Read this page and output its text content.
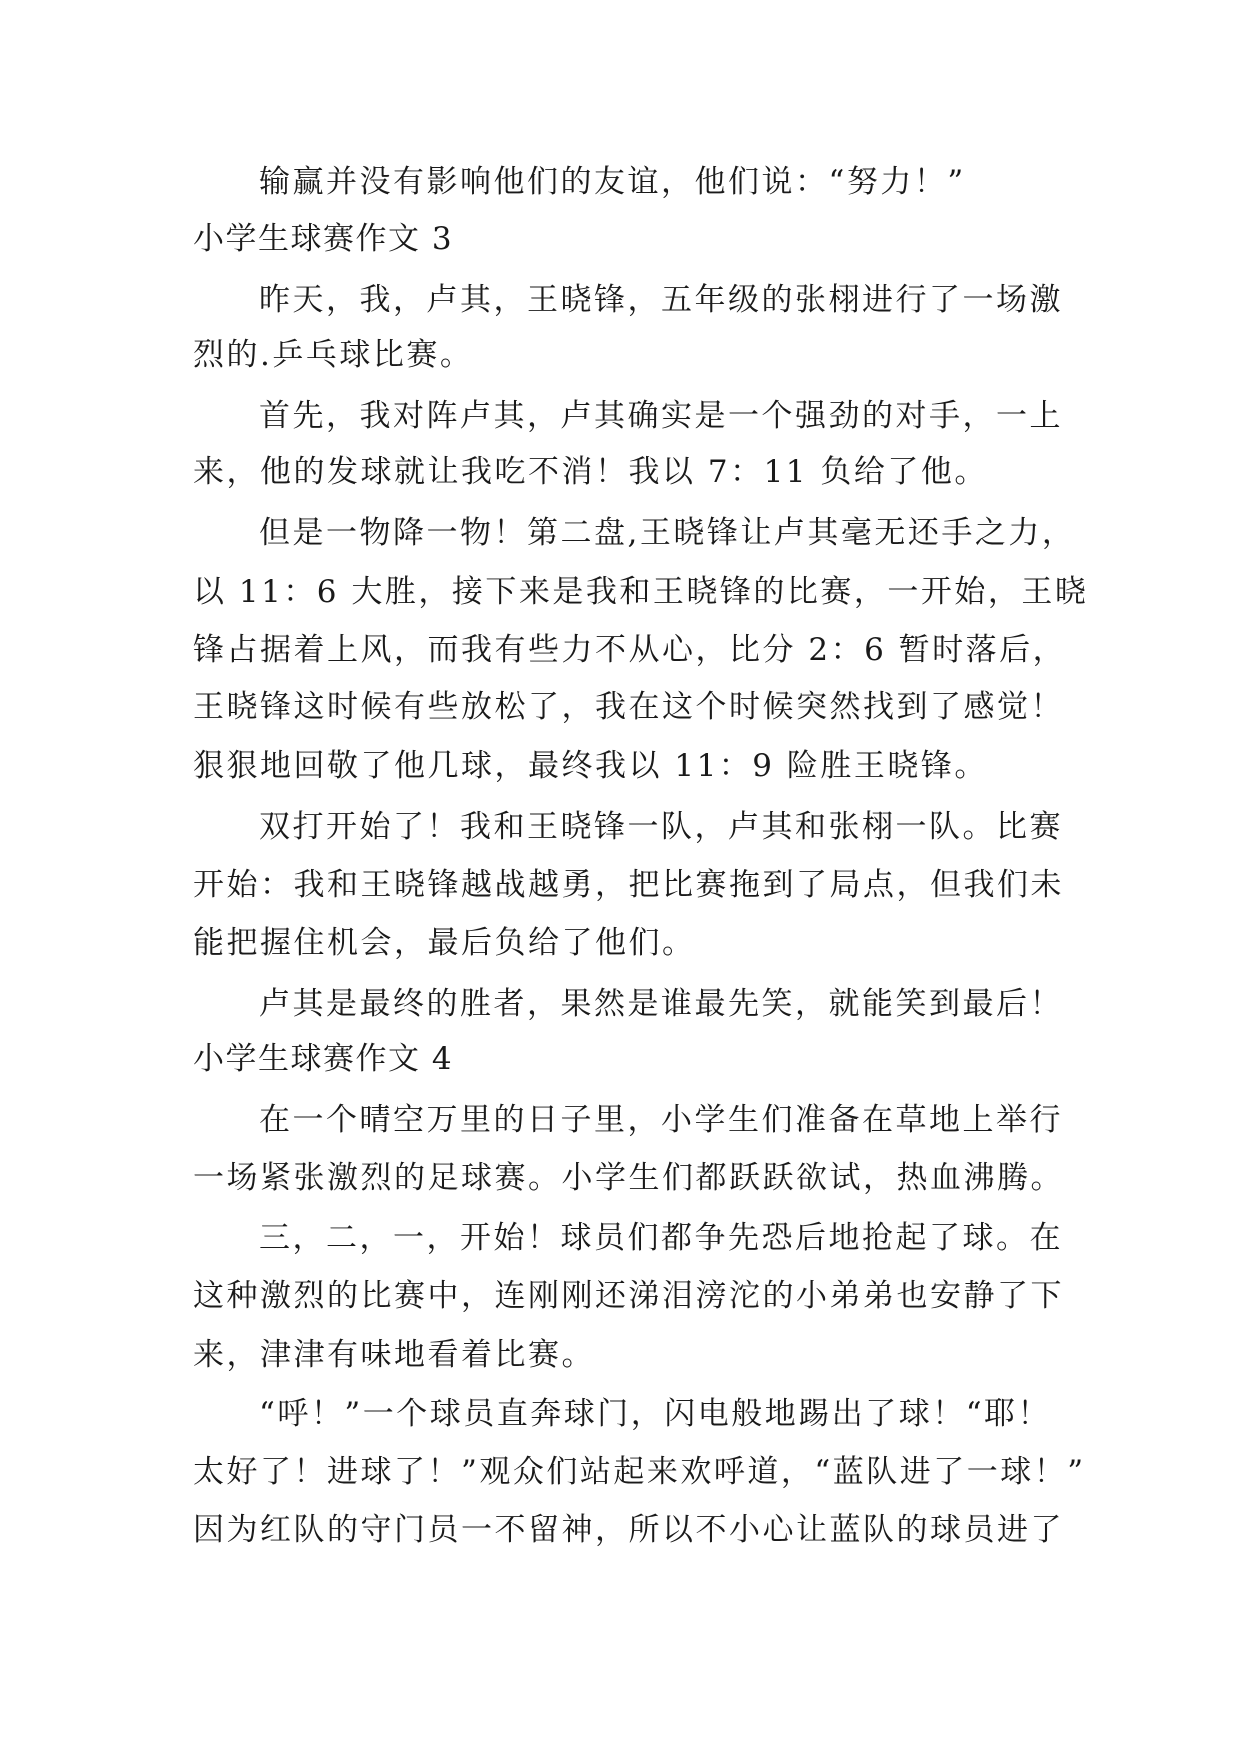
输赢并没有影响他们的友谊，他们说：“努力！”
小学生球赛作文 3
昨天，我，卢其，王晓锋，五年级的张栩进行了一场激
烈的.乒乓球比赛。
首先，我对阵卢其，卢其确实是一个强劲的对手，一上
来，他的发球就让我吃不消！我以 7：11 负给了他。
但是一物降一物！第二盘,王晓锋让卢其毫无还手之力，
以 11：6 大胜，接下来是我和王晓锋的比赛，一开始，王晓
锋占据着上风，而我有些力不从心，比分 2：6 暂时落后，
王晓锋这时候有些放松了，我在这个时候突然找到了感觉！
狠狠地回敬了他几球，最终我以 11：9 险胜王晓锋。
双打开始了！我和王晓锋一队，卢其和张栩一队。比赛
开始：我和王晓锋越战越勇，把比赛拖到了局点，但我们未
能把握住机会，最后负给了他们。
卢其是最终的胜者，果然是谁最先笑，就能笑到最后！
小学生球赛作文 4
在一个晴空万里的日子里，小学生们准备在草地上举行
一场紧张激烈的足球赛。小学生们都跃跃欲试，热血沸腾。
三，二，一，开始！球员们都争先恐后地抢起了球。在
这种激烈的比赛中，连刚刚还涕泪滂沱的小弟弟也安静了下
来，津津有味地看着比赛。
“呼！”一个球员直奔球门，闪电般地踢出了球！“耶！
太好了！进球了！”观众们站起来欢呼道，“蓝队进了一球！”
因为红队的守门员一不留神，所以不小心让蓝队的球员进了
